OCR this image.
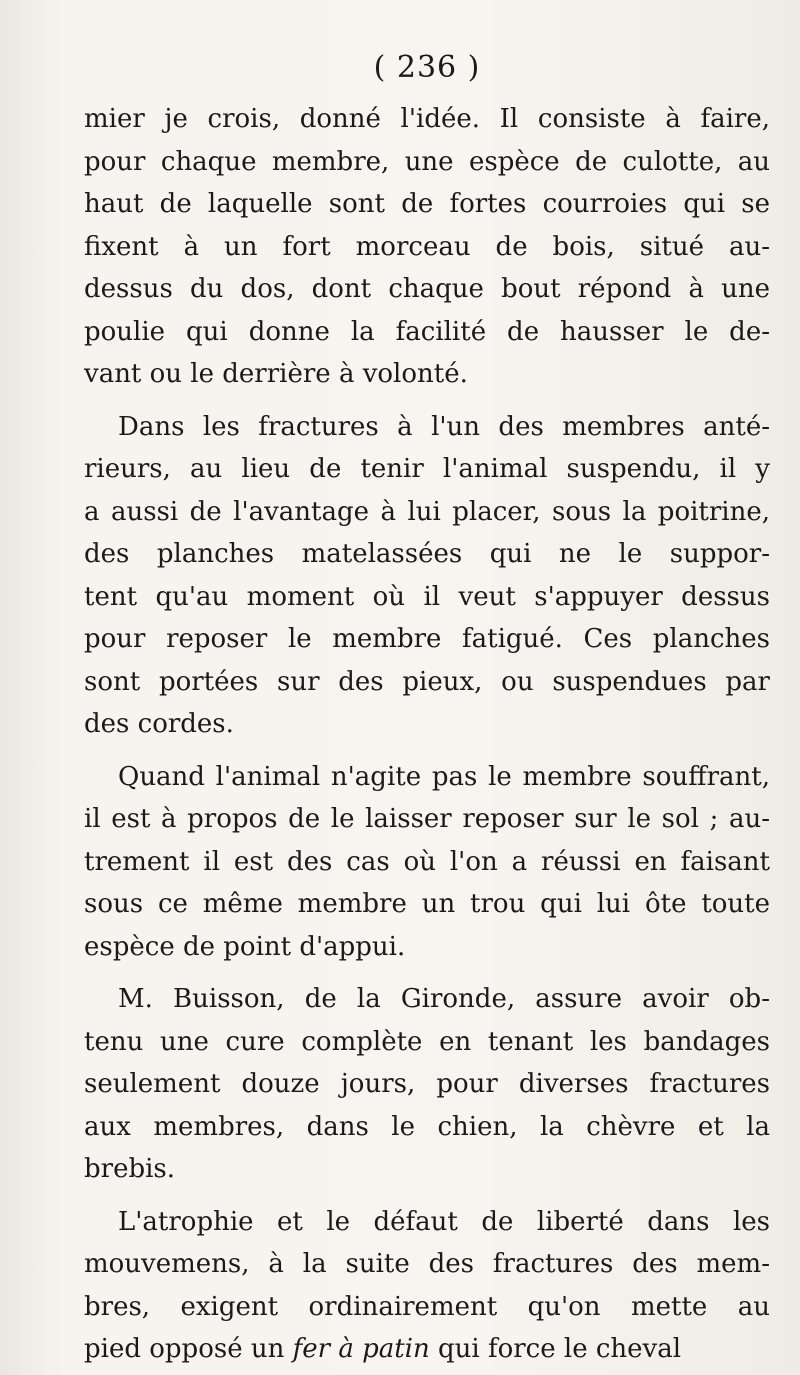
( 236 )

mier je crois, donné l'idée. Il consiste à faire,
pour chaque membre, une espèce de culotte, au
haut de laquelle sont de fortes courroies qui se
fixent à un fort morceau de bois, situé au-
dessus du dos, dont chaque bout répond à une
poulie qui donne la facilité de hausser le de-
vant ou le derrière à volonté.

Dans les fractures à l'un des membres anté-
rieurs, au lieu de tenir l'animal suspendu, il y
a aussi de l'avantage à lui placer, sous la poitrine,
des planches matelassées qui ne le suppor-
tent qu'au moment où il veut s'appuyer dessus
pour reposer le membre fatigué. Ces planches
sont portées sur des pieux, ou suspendues par
des cordes.

Quand l'animal n'agite pas le membre souffrant,
il est à propos de le laisser reposer sur le sol ; au-
trement il est des cas où l'on a réussi en faisant
sous ce même membre un trou qui lui ôte toute
espèce de point d'appui.

M. Buisson, de la Gironde, assure avoir ob-
tenu une cure complète en tenant les bandages
seulement douze jours, pour diverses fractures
aux membres, dans le chien, la chèvre et la
brebis.

L'atrophie et le défaut de liberté dans les
mouvemens, à la suite des fractures des mem-
bres, exigent ordinairement qu'on mette au
pied opposé un fer à patin qui force le cheval
